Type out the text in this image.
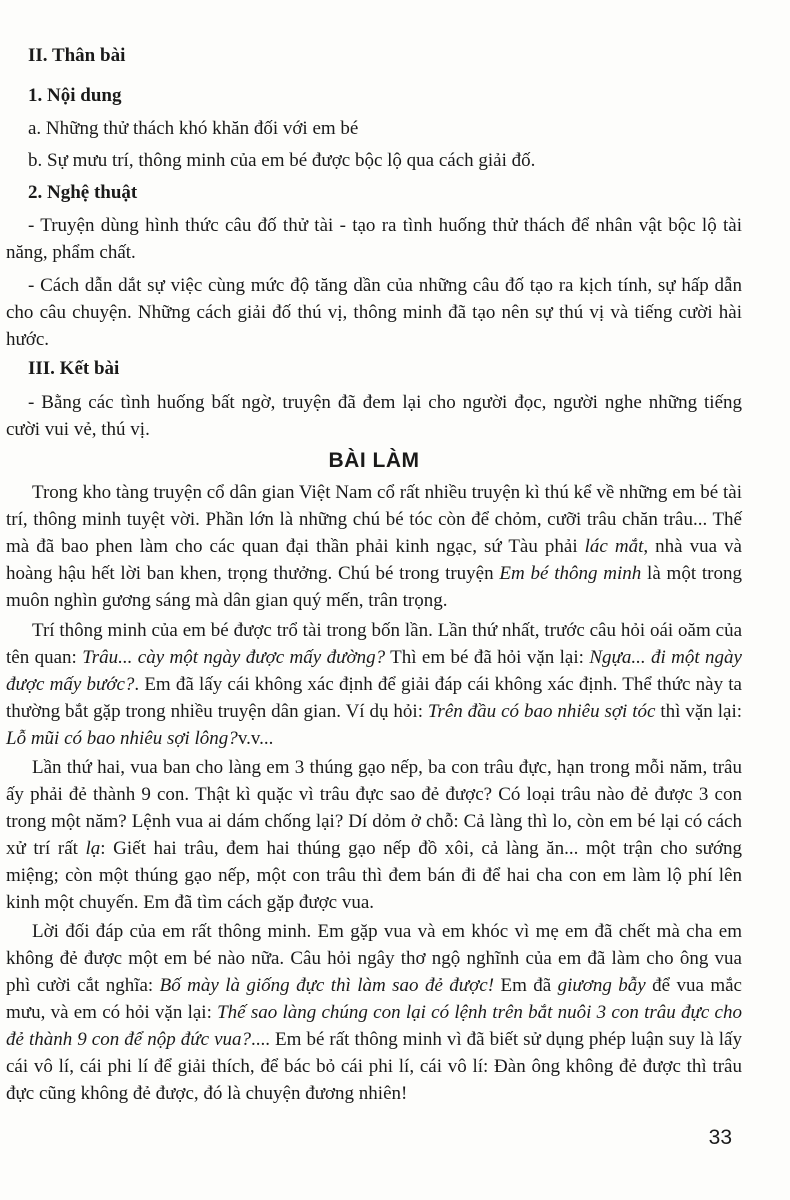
II. Thân bài

1. Nội dung

a. Những thử thách khó khăn đối với em bé

b. Sự mưu trí, thông minh của em bé được bộc lộ qua cách giải đố.

2. Nghệ thuật

- Truyện dùng hình thức câu đố thử tài - tạo ra tình huống thử thách để nhân vật bộc lộ tài năng, phẩm chất.

- Cách dẫn dắt sự việc cùng mức độ tăng dần của những câu đố tạo ra kịch tính, sự hấp dẫn cho câu chuyện. Những cách giải đố thú vị, thông minh đã tạo nên sự thú vị và tiếng cười hài hước.

III. Kết bài

- Bằng các tình huống bất ngờ, truyện đã đem lại cho người đọc, người nghe những tiếng cười vui vẻ, thú vị.

BÀI LÀM

Trong kho tàng truyện cổ dân gian Việt Nam cổ rất nhiều truyện kì thú kể về những em bé tài trí, thông minh tuyệt vời. Phần lớn là những chú bé tóc còn để chỏm, cưỡi trâu chăn trâu... Thế mà đã bao phen làm cho các quan đại thần phải kinh ngạc, sứ Tàu phải lác mắt, nhà vua và hoàng hậu hết lời ban khen, trọng thưởng. Chú bé trong truyện Em bé thông minh là một trong muôn nghìn gương sáng mà dân gian quý mến, trân trọng.

Trí thông minh của em bé được trổ tài trong bốn lần. Lần thứ nhất, trước câu hỏi oái oăm của tên quan: Trâu... cày một ngày được mấy đường? Thì em bé đã hỏi vặn lại: Ngựa... đi một ngày được mấy bước?. Em đã lấy cái không xác định để giải đáp cái không xác định. Thể thức này ta thường bắt gặp trong nhiều truyện dân gian. Ví dụ hỏi: Trên đầu có bao nhiêu sợi tóc thì vặn lại: Lỗ mũi có bao nhiêu sợi lông?v.v...

Lần thứ hai, vua ban cho làng em 3 thúng gạo nếp, ba con trâu đực, hạn trong mỗi năm, trâu ấy phải đẻ thành 9 con. Thật kì quặc vì trâu đực sao đẻ được? Có loại trâu nào đẻ được 3 con trong một năm? Lệnh vua ai dám chống lại? Dí dỏm ở chỗ: Cả làng thì lo, còn em bé lại có cách xử trí rất lạ: Giết hai trâu, đem hai thúng gạo nếp đồ xôi, cả làng ăn... một trận cho sướng miệng; còn một thúng gạo nếp, một con trâu thì đem bán đi để hai cha con em làm lộ phí lên kinh một chuyến. Em đã tìm cách gặp được vua.

Lời đối đáp của em rất thông minh. Em gặp vua và em khóc vì mẹ em đã chết mà cha em không đẻ được một em bé nào nữa. Câu hỏi ngây thơ ngộ nghĩnh của em đã làm cho ông vua phì cười cắt nghĩa: Bố mày là giống đực thì làm sao đẻ được! Em đã giương bẫy để vua mắc mưu, và em có hỏi vặn lại: Thế sao làng chúng con lại có lệnh trên bắt nuôi 3 con trâu đực cho đẻ thành 9 con để nộp đức vua?.... Em bé rất thông minh vì đã biết sử dụng phép luận suy là lấy cái vô lí, cái phi lí để giải thích, để bác bỏ cái phi lí, cái vô lí: Đàn ông không đẻ được thì trâu đực cũng không đẻ được, đó là chuyện đương nhiên!

33
